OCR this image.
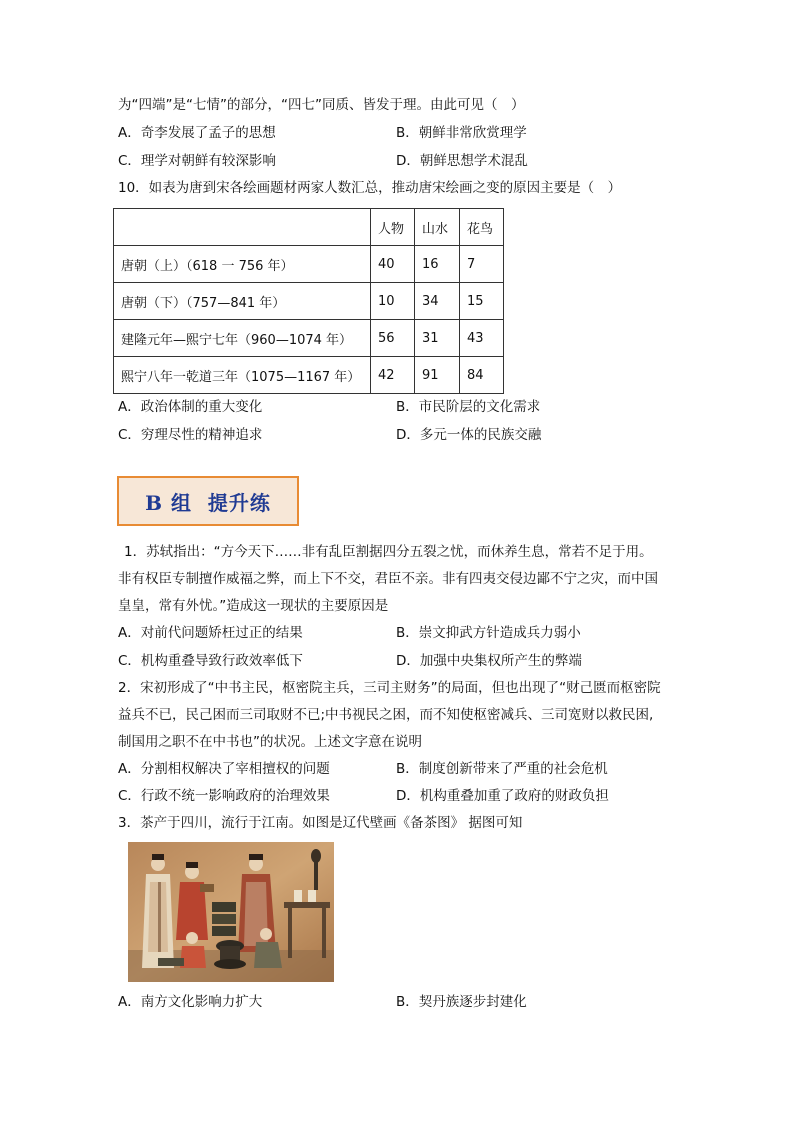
为“四端”是“七情”的部分，“四七”同质、皆发于理。由此可见（　）
A．奇李发展了孟子的思想	B．朝鲜非常欣赏理学
C．理学对朝鲜有较深影响	D．朝鲜思想学术混乱
10．如表为唐到宋各绘画题材两家人数汇总，推动唐宋绘画之变的原因主要是（　）
	人物	山水	花鸟
唐朝（上）（618 一 756 年）	40	16	7
唐朝（下）（757—841 年）	10	34	15
建隆元年—熙宁七年（960—1074 年）	56	31	43
熙宁八年一乾道三年（1075—1167 年）	42	91	84
A．政治体制的重大变化	B．市民阶层的文化需求
C．穷理尽性的精神追求	D．多元一体的民族交融
B 组  提升练
1．苏轼指出：“方今天下……非有乱臣割据四分五裂之忧，而休养生息，常若不足于用。
非有权臣专制擅作威福之弊，而上下不交，君臣不亲。非有四夷交侵边鄙不宁之灾，而中国
皇皇，常有外忧。”造成这一现状的主要原因是
A．对前代问题矫枉过正的结果	B．崇文抑武方针造成兵力弱小
C．机构重叠导致行政效率低下	D．加强中央集权所产生的弊端
2．宋初形成了“中书主民，枢密院主兵，三司主财务”的局面，但也出现了“财己匮而枢密院
益兵不已，民己困而三司取财不已;中书视民之困，而不知使枢密减兵、三司宽财以救民困,
制国用之职不在中书也”的状况。上述文字意在说明
A．分割相权解决了宰相擅权的问题	B．制度创新带来了严重的社会危机
C．行政不统一影响政府的治理效果	D．机构重叠加重了政府的财政负担
3．茶产于四川，流行于江南。如图是辽代壁画《备茶图》 据图可知
A．南方文化影响力扩大	B．契丹族逐步封建化
